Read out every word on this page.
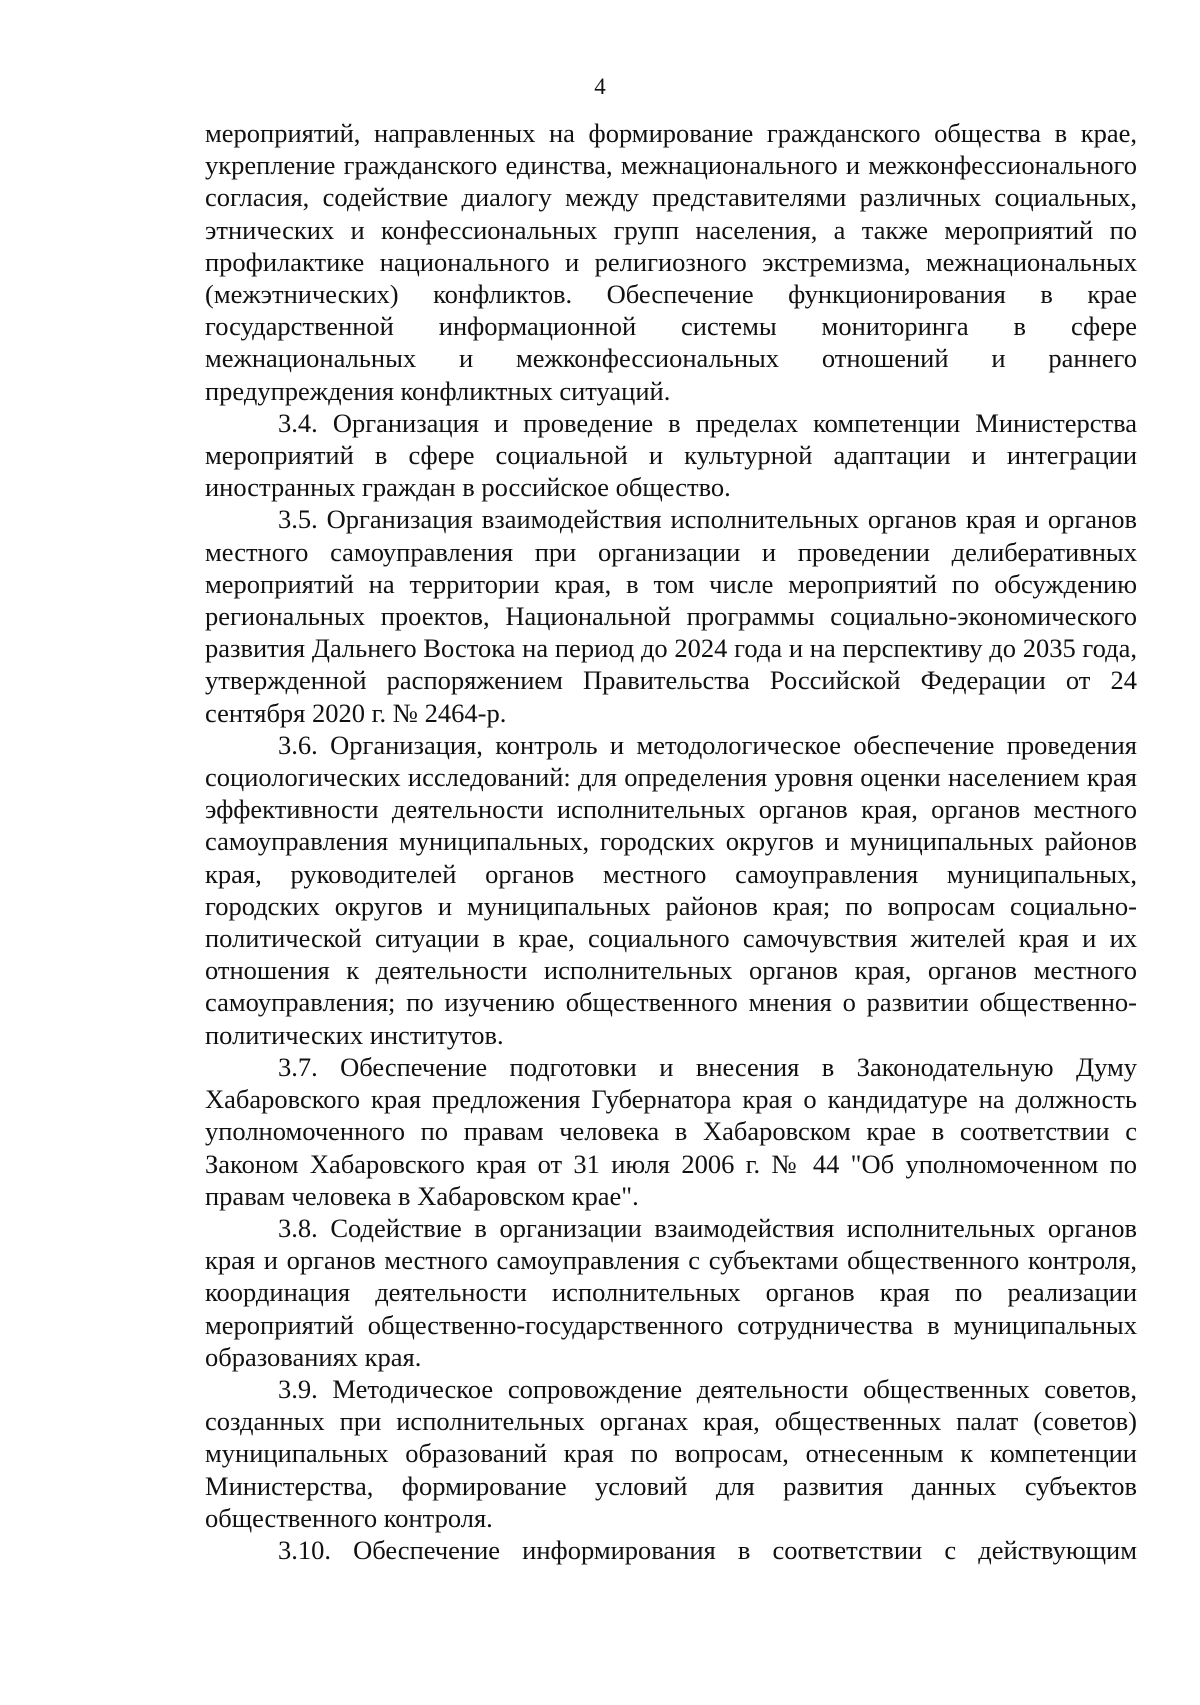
4

мероприятий, направленных на формирование гражданского общества в крае, укрепление гражданского единства, межнационального и межконфессионального согласия, содействие диалогу между представителями различных социальных, этнических и конфессиональных групп населения, а также мероприятий по профилактике национального и религиозного экстремизма, межнациональных (межэтнических) конфликтов. Обеспечение функционирования в крае государственной информационной системы мониторинга в сфере межнациональных и межконфессиональных отношений и раннего предупреждения конфликтных ситуаций.

3.4. Организация и проведение в пределах компетенции Министерства мероприятий в сфере социальной и культурной адаптации и интеграции иностранных граждан в российское общество.

3.5. Организация взаимодействия исполнительных органов края и органов местного самоуправления при организации и проведении делиберативных мероприятий на территории края, в том числе мероприятий по обсуждению региональных проектов, Национальной программы социально-экономического развития Дальнего Востока на период до 2024 года и на перспективу до 2035 года, утвержденной распоряжением Правительства Российской Федерации от 24 сентября 2020 г. № 2464-р.

3.6. Организация, контроль и методологическое обеспечение проведения социологических исследований: для определения уровня оценки населением края эффективности деятельности исполнительных органов края, органов местного самоуправления муниципальных, городских округов и муниципальных районов края, руководителей органов местного самоуправления муниципальных, городских округов и муниципальных районов края; по вопросам социально-политической ситуации в крае, социального самочувствия жителей края и их отношения к деятельности исполнительных органов края, органов местного самоуправления; по изучению общественного мнения о развитии общественно-политических институтов.

3.7. Обеспечение подготовки и внесения в Законодательную Думу Хабаровского края предложения Губернатора края о кандидатуре на должность уполномоченного по правам человека в Хабаровском крае в соответствии с Законом Хабаровского края от 31 июля 2006 г. № 44 "Об уполномоченном по правам человека в Хабаровском крае".

3.8. Содействие в организации взаимодействия исполнительных органов края и органов местного самоуправления с субъектами общественного контроля, координация деятельности исполнительных органов края по реализации мероприятий общественно-государственного сотрудничества в муниципальных образованиях края.

3.9. Методическое сопровождение деятельности общественных советов, созданных при исполнительных органах края, общественных палат (советов) муниципальных образований края по вопросам, отнесенным к компетенции Министерства, формирование условий для развития данных субъектов общественного контроля.

3.10. Обеспечение информирования в соответствии с действующим
